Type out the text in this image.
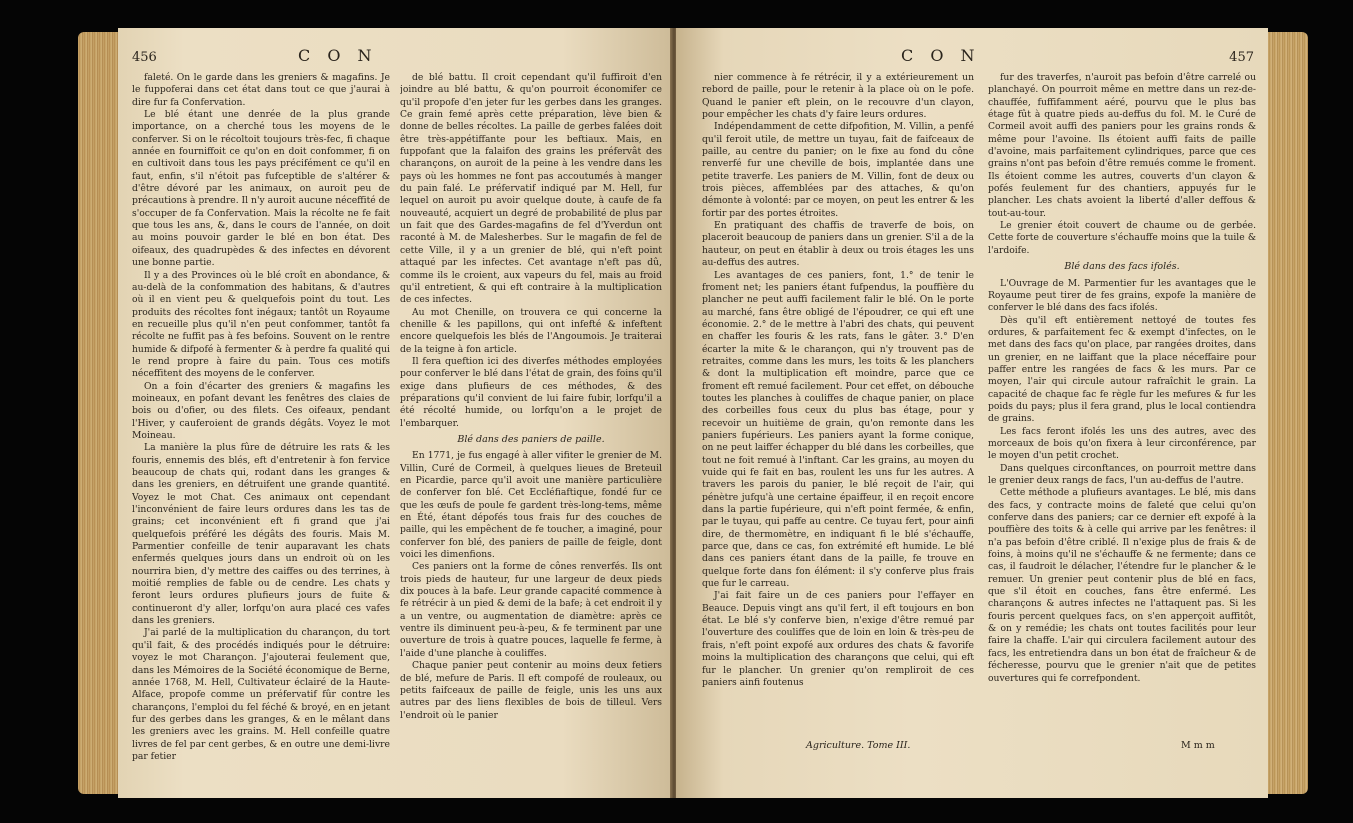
456	C O N

faleté. On le garde dans les greniers & magafins. Je le fuppoferai dans cet état dans tout ce que j'aurai à dire fur fa Confervation.

Le blé étant une denrée de la plus grande importance, on a cherché tous les moyens de le conferver. Si on le récoltoit toujours très-fec, fi chaque année en fourniffoit ce qu'on en doit confommer, fi on en cultivoit dans tous les pays précifément ce qu'il en faut, enfin, s'il n'étoit pas fufceptible de s'altérer & d'être dévoré par les animaux, on auroit peu de précautions à prendre. Il n'y auroit aucune néceffité de s'occuper de fa Confervation. Mais la récolte ne fe fait que tous les ans, &, dans le cours de l'année, on doit au moins pouvoir garder le blé en bon état. Des oifeaux, des quadrupèdes & des infectes en dévorent une bonne partie.

Il y a des Provinces où le blé croît en abondance, & au-delà de la confommation des habitans, & d'autres où il en vient peu & quelquefois point du tout. Les produits des récoltes font inégaux; tantôt un Royaume en recueille plus qu'il n'en peut confommer, tantôt fa récolte ne fuffit pas à fes befoins. Souvent on le rentre humide & difpofé à fermenter & à perdre fa qualité qui le rend propre à faire du pain. Tous ces motifs néceffitent des moyens de le conferver.

On a foin d'écarter des greniers & magafins les moineaux, en pofant devant les fenêtres des claies de bois ou d'ofier, ou des filets. Ces oifeaux, pendant l'Hiver, y cauferoient de grands dégâts. Voyez le mot Moineau.

La manière la plus fûre de détruire les rats & les fouris, ennemis des blés, eft d'entretenir à fon fervice beaucoup de chats qui, rodant dans les granges & dans les greniers, en détruifent une grande quantité. Voyez le mot Chat. Ces animaux ont cependant l'inconvénient de faire leurs ordures dans les tas de grains; cet inconvénient eft fi grand que j'ai quelquefois préféré les dégâts des fouris. Mais M. Parmentier confeille de tenir auparavant les chats enfermés quelques jours dans un endroit où on les nourrira bien, d'y mettre des caiffes ou des terrines, à moitié remplies de fable ou de cendre. Les chats y feront leurs ordures plufieurs jours de fuite & continueront d'y aller, lorfqu'on aura placé ces vafes dans les greniers.

J'ai parlé de la multiplication du charançon, du tort qu'il fait, & des procédés indiqués pour le détruire: voyez le mot Charançon. J'ajouterai feulement que, dans les Mémoires de la Société économique de Berne, année 1768, M. Hell, Cultivateur éclairé de la Haute-Alface, propofe comme un préfervatif fûr contre les charançons, l'emploi du fel féché & broyé, en en jetant fur des gerbes dans les granges, & en le mêlant dans les greniers avec les grains. M. Hell confeille quatre livres de fel par cent gerbes, & en outre une demi-livre par fetier

de blé battu. Il croit cependant qu'il fuffiroit d'en joindre au blé battu, & qu'on pourroit économifer ce qu'il propofe d'en jeter fur les gerbes dans les granges. Ce grain femé après cette préparation, lève bien & donne de belles récoltes. La paille de gerbes falées doit être très-appétiffante pour les beftiaux. Mais, en fuppofant que la falaifon des grains les préfervât des charançons, on auroit de la peine à les vendre dans les pays où les hommes ne font pas accoutumés à manger du pain falé. Le préfervatif indiqué par M. Hell, fur lequel on auroit pu avoir quelque doute, à caufe de fa nouveauté, acquiert un degré de probabilité de plus par un fait que des Gardes-magafins de fel d'Yverdun ont raconté à M. de Malesherbes. Sur le magafin de fel de cette Ville, il y a un grenier de blé, qui n'eft point attaqué par les infectes. Cet avantage n'eft pas dû, comme ils le croient, aux vapeurs du fel, mais au froid qu'il entretient, & qui eft contraire à la multiplication de ces infectes.

Au mot Chenille, on trouvera ce qui concerne la chenille & les papillons, qui ont infefté & infeftent encore quelquefois les blés de l'Angoumois. Je traiterai de la teigne à fon article.

Il fera queftion ici des diverfes méthodes employées pour conferver le blé dans l'état de grain, des foins qu'il exige dans plufieurs de ces méthodes, & des préparations qu'il convient de lui faire fubir, lorfqu'il a été récolté humide, ou lorfqu'on a le projet de l'embarquer.

Blé dans des paniers de paille.

En 1771, je fus engagé à aller vifiter le grenier de M. Villin, Curé de Cormeil, à quelques lieues de Breteuil en Picardie, parce qu'il avoit une manière particulière de conferver fon blé. Cet Eccléfiaftique, fondé fur ce que les œufs de poule fe gardent très-long-tems, même en Été, étant dépofés tous frais fur des couches de paille, qui les empêchent de fe toucher, a imaginé, pour conferver fon blé, des paniers de paille de feigle, dont voici les dimenfions.

Ces paniers ont la forme de cônes renverfés. Ils ont trois pieds de hauteur, fur une largeur de deux pieds dix pouces à la bafe. Leur grande capacité commence à fe rétrécir à un pied & demi de la bafe; à cet endroit il y a un ventre, ou augmentation de diamètre: après ce ventre ils diminuent peu-à-peu, & fe terminent par une ouverture de trois à quatre pouces, laquelle fe ferme, à l'aide d'une planche à couliffes.

Chaque panier peut contenir au moins deux fetiers de blé, mefure de Paris. Il eft compofé de rouleaux, ou petits faifceaux de paille de feigle, unis les uns aux autres par des liens flexibles de bois de tilleul. Vers l'endroit où le panier

C O N	457

nier commence à fe rétrécir, il y a extérieurement un rebord de paille, pour le retenir à la place où on le pofe. Quand le panier eft plein, on le recouvre d'un clayon, pour empêcher les chats d'y faire leurs ordures.

Indépendamment de cette difpofition, M. Villin, a penfé qu'il feroit utile, de mettre un tuyau, fait de faifceaux de paille, au centre du panier; on le fixe au fond du cône renverfé fur une cheville de bois, implantée dans une petite traverfe. Les paniers de M. Villin, font de deux ou trois pièces, affemblées par des attaches, & qu'on démonte à volonté: par ce moyen, on peut les entrer & les fortir par des portes étroites.

En pratiquant des chaffis de traverfe de bois, on placeroit beaucoup de paniers dans un grenier. S'il a de la hauteur, on peut en établir à deux ou trois étages les uns au-deffus des autres.

Les avantages de ces paniers, font, 1.° de tenir le froment net; les paniers étant fufpendus, la pouffière du plancher ne peut auffi facilement falir le blé. On le porte au marché, fans être obligé de l'époudrer, ce qui eft une économie. 2.° de le mettre à l'abri des chats, qui peuvent en chaffer les fouris & les rats, fans le gâter. 3.° D'en écarter la mite & le charançon, qui n'y trouvent pas de retraites, comme dans les murs, les toits & les planchers & dont la multiplication eft moindre, parce que ce froment eft remué facilement. Pour cet effet, on débouche toutes les planches à couliffes de chaque panier, on place des corbeilles fous ceux du plus bas étage, pour y recevoir un huitième de grain, qu'on remonte dans les paniers fupérieurs. Les paniers ayant la forme conique, on ne peut laiffer échapper du blé dans les corbeilles, que tout ne foit remué à l'inftant. Car les grains, au moyen du vuide qui fe fait en bas, roulent les uns fur les autres. A travers les parois du panier, le blé reçoit de l'air, qui pénètre jufqu'à une certaine épaiffeur, il en reçoit encore dans la partie fupérieure, qui n'eft point fermée, & enfin, par le tuyau, qui paffe au centre. Ce tuyau fert, pour ainfi dire, de thermomètre, en indiquant fi le blé s'échauffe, parce que, dans ce cas, fon extrémité eft humide. Le blé dans ces paniers étant dans de la paille, fe trouve en quelque forte dans fon élément: il s'y conferve plus frais que fur le carreau.

J'ai fait faire un de ces paniers pour l'effayer en Beauce. Depuis vingt ans qu'il fert, il eft toujours en bon état. Le blé s'y conferve bien, n'exige d'être remué par l'ouverture des couliffes que de loin en loin & très-peu de frais, n'eft point expofé aux ordures des chats & favorife moins la multiplication des charançons que celui, qui eft fur le plancher. Un grenier qu'on rempliroit de ces paniers ainfi foutenus

fur des traverfes, n'auroit pas befoin d'être carrelé ou planchayé. On pourroit même en mettre dans un rez-de-chauffée, fuffifamment aéré, pourvu que le plus bas étage fût à quatre pieds au-deffus du fol. M. le Curé de Cormeil avoit auffi des paniers pour les grains ronds & même pour l'avoine. Ils étoient auffi faits de paille d'avoine, mais parfaitement cylindriques, parce que ces grains n'ont pas befoin d'être remués comme le froment. Ils étoient comme les autres, couverts d'un clayon & pofés feulement fur des chantiers, appuyés fur le plancher. Les chats avoient la liberté d'aller deffous & tout-au-tour.

Le grenier étoit couvert de chaume ou de gerbée. Cette forte de couverture s'échauffe moins que la tuile & l'ardoife.

Blé dans des facs ifolés.

L'Ouvrage de M. Parmentier fur les avantages que le Royaume peut tirer de fes grains, expofe la manière de conferver le blé dans des facs ifolés.

Dès qu'il eft entièrement nettoyé de toutes fes ordures, & parfaitement fec & exempt d'infectes, on le met dans des facs qu'on place, par rangées droites, dans un grenier, en ne laiffant que la place néceffaire pour paffer entre les rangées de facs & les murs. Par ce moyen, l'air qui circule autour rafraîchit le grain. La capacité de chaque fac fe règle fur les mefures & fur les poids du pays; plus il fera grand, plus le local contiendra de grains.

Les facs feront ifolés les uns des autres, avec des morceaux de bois qu'on fixera à leur circonférence, par le moyen d'un petit crochet.

Dans quelques circonftances, on pourroit mettre dans le grenier deux rangs de facs, l'un au-deffus de l'autre.

Cette méthode a plufieurs avantages. Le blé, mis dans des facs, y contracte moins de faleté que celui qu'on conferve dans des paniers; car ce dernier eft expofé à la pouffière des toits & à celle qui arrive par les fenêtres: il n'a pas befoin d'être criblé. Il n'exige plus de frais & de foins, à moins qu'il ne s'échauffe & ne fermente; dans ce cas, il faudroit le délacher, l'étendre fur le plancher & le remuer. Un grenier peut contenir plus de blé en facs, que s'il étoit en couches, fans être enfermé. Les charançons & autres infectes ne l'attaquent pas. Si les fouris percent quelques facs, on s'en apperçoit auffitôt, & on y remédie; les chats ont toutes facilités pour leur faire la chaffe. L'air qui circulera facilement autour des facs, les entretiendra dans un bon état de fraîcheur & de fécheresse, pourvu que le grenier n'ait que de petites ouvertures qui fe correfpondent.

Agriculture. Tome III.	M m m
